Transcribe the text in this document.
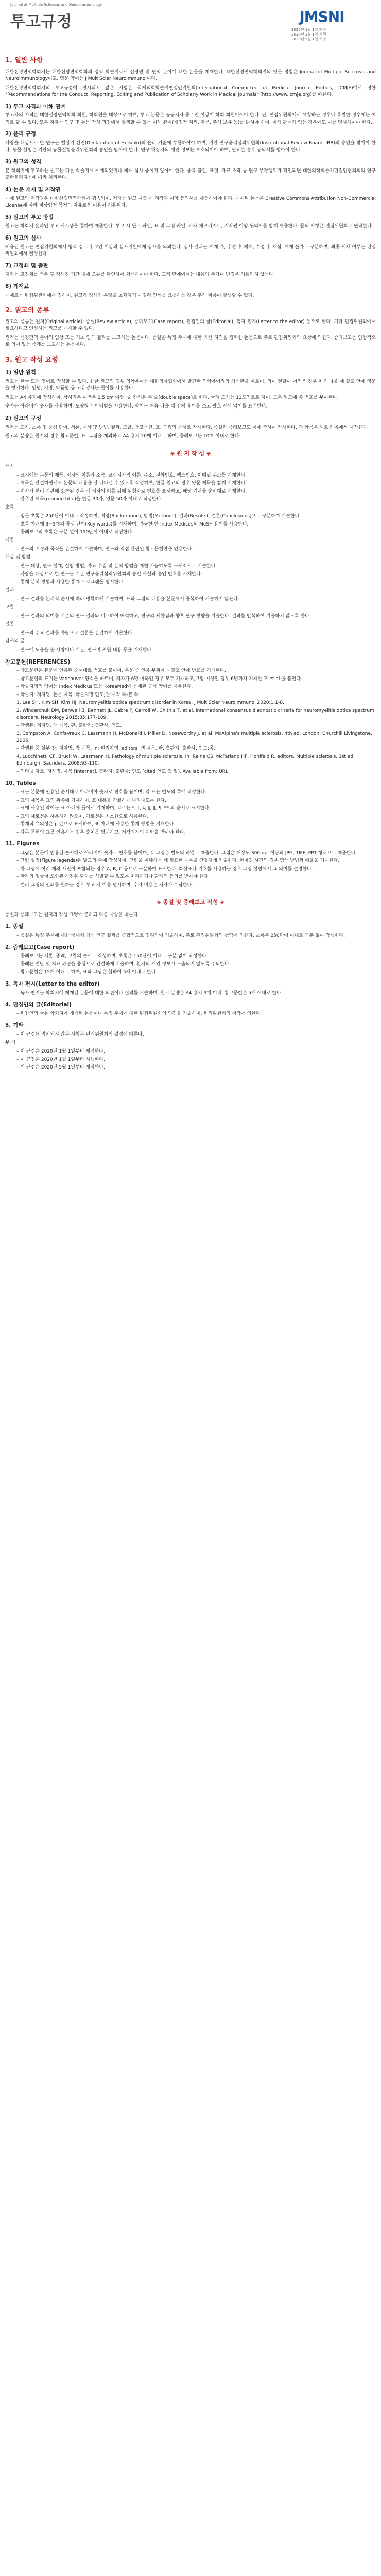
Journal of Multiple Sclerosis and Neuroimmunology
투고규정	JMSNI
2020년 1월 1일 제정
2020년 1월 1일 시행
2020년 5월 1일 개정
1. 일반 사항

대한신경면역학회지는 대한신경면역학회의 정식 학술지로서 신경면 및 면역 분야에 대한 논문을 게재한다. 대한신경면역학회지의 영문 명칭은 Journal of Multiple Sclerosis and Neuroimmunology이고, 영문 약어는 J Mult Scler Neuroimmunol이다.

대한신경면역학회지의 투고규정에 명시되지 않은 사항은 국제의학학술지편집인위원회(International Committee of Medical Journal Editors, ICMJE)에서 정한 "Recommendations for the Conduct, Reporting, Editing and Publication of Scholarly Work in Medical Journals" (http://www.icmje.org)를 따른다.

1) 투고 자격과 이해 관계

투고자의 자격은 대한신경면역학회 회원, 학회원을 대상으로 하며, 투고 논문은 공동저자 중 1인 이상이 학회 회원이어야 한다. 단, 편집위원회에서 요청하는 경우나 특별한 경우에는 예외로 할 수 있다. 모든 저자는 연구 및 논문 작성 과정에서 발생할 수 있는 이해 관계(재정적 지원, 자문, 주식 보유 등)를 밝혀야 하며, 이해 관계가 없는 경우에도 이를 명시하여야 한다.

2) 윤리 규정

사람을 대상으로 한 연구는 헬싱키 선언(Declaration of Helsinki)의 윤리 기준에 부합하여야 하며, 기관 연구윤리심의위원회(Institutional Review Board, IRB)의 승인을 받아야 한다. 동물 실험은 기관의 동물실험윤리위원회의 승인을 받아야 한다. 연구 대상자의 개인 정보는 보호되어야 하며, 필요한 경우 동의서를 받아야 한다.

3) 원고의 성격

본 학회지에 투고하는 원고는 다른 학술지에 게재되었거나 게재 심사 중이지 않아야 한다. 중복 출판, 표절, 자료 조작 등 연구 부정행위가 확인되면 대한의학학술지편집인협의회의 연구출판윤리지침에 따라 처리한다.

4) 논문 게재 및 저작권

게재 원고의 저작권은 대한신경면역학회에 귀속되며, 저자는 원고 제출 시 저작권 이양 동의서를 제출하여야 한다. 게재된 논문은 Creative Commons Attribution Non-Commercial License에 따라 비상업적 목적의 자유로운 이용이 허용된다.

5) 원고의 투고 방법

원고는 학회지 온라인 투고 시스템을 통하여 제출한다. 투고 시 원고 파일, 표 및 그림 파일, 저자 체크리스트, 저작권 이양 동의서를 함께 제출한다. 문의 사항은 편집위원회로 연락한다.

6) 원고의 심사

제출된 원고는 편집위원회에서 형식 검토 후 2인 이상의 심사위원에게 심사를 의뢰한다. 심사 결과는 게재 가, 수정 후 게재, 수정 후 재심, 게재 불가로 구분하며, 최종 게재 여부는 편집위원회에서 결정한다.

7) 교정쇄 및 출판

저자는 교정쇄를 받은 후 정해진 기간 내에 오류를 확인하여 회신하여야 한다. 교정 단계에서는 내용의 추가나 변경은 허용되지 않는다.

8) 게재료

게재료는 편집위원회에서 정하며, 원고가 정해진 분량을 초과하거나 컬러 인쇄를 요청하는 경우 추가 비용이 발생할 수 있다.

2. 원고의 종류

원고의 종류는 원저(Original article), 종설(Review article), 증례보고(Case report), 편집인의 글(Editorial), 독자 편지(Letter to the editor) 등으로 한다. 기타 편집위원회에서 필요하다고 인정하는 원고를 게재할 수 있다.

원저는 신경면역 분야의 임상 또는 기초 연구 결과를 보고하는 논문이다. 종설은 특정 주제에 대한 최신 지견을 정리한 논문으로 주로 편집위원회의 요청에 의한다. 증례보고는 임상적으로 의미 있는 증례를 보고하는 논문이다.

3. 원고 작성 요령
1) 일반 원칙

원고는 한글 또는 영어로 작성할 수 있다. 한글 원고의 경우 의학용어는 대한의사협회에서 발간한 의학용어집의 최신판을 따르며, 의미 전달이 어려운 경우 처음 나올 때 괄호 안에 영문을 병기한다. 인명, 지명, 약품명 등 고유명사는 원어를 사용한다.

원고는 A4 용지에 작성하며, 상하좌우 여백은 2.5 cm 이상, 줄 간격은 두 줄(double space)로 한다. 글자 크기는 11포인트로 하며, 모든 원고에 쪽 번호를 부여한다.

숫자는 아라비아 숫자를 사용하며, 도량형은 미터법을 사용한다. 약어는 처음 나올 때 전체 용어를 쓰고 괄호 안에 약어를 표기한다.

2) 원고의 구성

원저는 표지, 초록 및 중심 단어, 서론, 대상 및 방법, 결과, 고찰, 참고문헌, 표, 그림의 순서로 작성한다. 종설과 증례보고도 이에 준하여 작성한다. 각 항목은 새로운 쪽에서 시작한다.

원고의 분량은 원저의 경우 참고문헌, 표, 그림을 제외하고 A4 용지 20매 이내로 하며, 증례보고는 10매 이내로 한다.

◈ 원 저 작 성 ◈

표지

– 표지에는 논문의 제목, 저자의 이름과 소속, 교신저자의 이름, 주소, 전화번호, 팩스번호, 이메일 주소를 기재한다.

– 제목은 간결하면서도 논문의 내용을 잘 나타낼 수 있도록 작성하며, 한글 원고의 경우 영문 제목을 함께 기재한다.

– 저자가 여러 기관에 소속된 경우 각 저자의 이름 뒤에 위첨자로 번호를 표시하고, 해당 기관을 순서대로 기재한다.

– 간추린 제목(running title)을 한글 30자, 영문 50자 이내로 작성한다.

초록

– 영문 초록은 250단어 이내로 작성하며, 배경(Background), 방법(Methods), 결과(Results), 결론(Conclusions)으로 구분하여 기술한다.

– 초록 아래에 3~5개의 중심 단어(Key words)를 기재하며, 가능한 한 Index Medicus의 MeSH 용어를 사용한다.

– 증례보고의 초록은 구분 없이 150단어 이내로 작성한다.

서론

– 연구의 배경과 목적을 간결하게 기술하며, 연구와 직접 관련된 참고문헌만을 인용한다.

대상 및 방법

– 연구 대상, 연구 설계, 실험 방법, 자료 수집 및 분석 방법을 재현 가능하도록 구체적으로 기술한다.

– 사람을 대상으로 한 연구는 기관 연구윤리심의위원회의 승인 사실과 승인 번호를 기재한다.

– 통계 분석 방법과 사용한 통계 프로그램을 명시한다.

결과

– 연구 결과를 논리적 순서에 따라 명확하게 기술하며, 표와 그림의 내용을 본문에서 중복하여 기술하지 않는다.

고찰

– 연구 결과의 의미를 기존의 연구 결과와 비교하여 해석하고, 연구의 제한점과 향후 연구 방향을 기술한다. 결과를 반복하여 기술하지 않도록 한다.

결론

– 연구의 주요 결과를 바탕으로 결론을 간결하게 기술한다.

감사의 글

– 연구에 도움을 준 사람이나 기관, 연구비 지원 내용 등을 기재한다.

참고문헌(REFERENCES)

– 참고문헌은 본문에 인용된 순서대로 번호를 붙이며, 본문 중 인용 부위에 대괄호 안에 번호를 기재한다.

– 참고문헌의 표기는 Vancouver 양식을 따르며, 저자가 6명 이하인 경우 모두 기재하고, 7명 이상인 경우 6명까지 기재한 후 et al.을 붙인다.

– 학술지명의 약어는 Index Medicus 또는 KoreaMed에 등재된 공식 약어를 사용한다.

– 학술지: 저자명. 논문 제목. 학술지명 연도;권:시작 쪽-끝 쪽.

1. Lee SH, Kim SH, Kim HJ. Neuromyelitis optica spectrum disorder in Korea. J Mult Scler Neuroimmunol 2020;1:1-8.

2. Wingerchuk DM, Banwell B, Bennett JL, Cabre P, Carroll W, Chitnis T, et al. International consensus diagnostic criteria for neuromyelitis optica spectrum disorders. Neurology 2015;85:177-189.

– 단행본: 저자명. 책 제목. 판. 출판지: 출판사, 연도.

3. Compston A, Confavreux C, Lassmann H, McDonald I, Miller D, Noseworthy J, et al. McAlpine's multiple sclerosis. 4th ed. London: Churchill Livingstone, 2006.

– 단행본 중 일부 장: 저자명. 장 제목. In: 편집자명, editors. 책 제목. 판. 출판지: 출판사, 연도;쪽.

4. Lucchinetti CF, Bruck W, Lassmann H. Pathology of multiple sclerosis. In: Raine CS, McFarland HF, Hohlfeld R, editors. Multiple sclerosis. 1st ed. Edinburgh: Saunders, 2008;93-110.

– 인터넷 자료: 저자명. 제목 [Internet]. 출판지: 출판사; 연도 [cited 연도 월 일]. Available from: URL.

10. Tables

– 표는 본문에 인용된 순서대로 아라비아 숫자로 번호를 붙이며, 각 표는 별도의 쪽에 작성한다.

– 표의 제목은 표의 위쪽에 기재하며, 표 내용을 간결하게 나타내도록 한다.

– 표에 사용된 약어는 표 아래에 풀어서 기재하며, 각주는 *, †, ‡, §, ∥, ¶, ** 의 순서로 표시한다.

– 표의 세로선은 사용하지 않으며, 가로선은 최소한으로 사용한다.

– 통계적 유의성은 p 값으로 표시하며, 표 아래에 사용한 통계 방법을 기재한다.

– 다른 문헌의 표를 인용하는 경우 출처를 명시하고, 저작권자의 허락을 받아야 한다.

11. Figures

– 그림은 본문에 인용된 순서대로 아라비아 숫자로 번호를 붙이며, 각 그림은 별도의 파일로 제출한다. 그림은 해상도 300 dpi 이상의 JPG, TIFF, PPT 형식으로 제출한다.

– 그림 설명(Figure legends)은 별도의 쪽에 작성하며, 그림을 이해하는 데 필요한 내용을 간결하게 기술한다. 현미경 사진의 경우 염색 방법과 배율을 기재한다.

– 한 그림에 여러 개의 사진이 포함되는 경우 A, B, C 등으로 구분하여 표시한다. 화살표나 기호를 사용하는 경우 그림 설명에서 그 의미를 설명한다.

– 환자의 얼굴이 포함된 사진은 환자를 식별할 수 없도록 처리하거나 환자의 동의를 받아야 한다.

– 컬러 그림의 인쇄를 원하는 경우 투고 시 이를 명시하며, 추가 비용은 저자가 부담한다.

◈ 종설 및 증례보고 작성 ◈

종설과 증례보고는 원저의 작성 요령에 준하되 다음 사항을 따른다.

1. 종설

– 종설은 특정 주제에 대한 국내외 최신 연구 결과를 종합적으로 정리하여 기술하며, 주로 편집위원회의 청탁에 의한다. 초록은 250단어 이내로 구분 없이 작성한다.

2. 증례보고(Case report)

– 증례보고는 서론, 증례, 고찰의 순서로 작성하며, 초록은 150단어 이내로 구분 없이 작성한다.

– 증례는 진단 및 치료 과정을 중심으로 간결하게 기술하며, 환자의 개인 정보가 노출되지 않도록 주의한다.

– 참고문헌은 15개 이내로 하며, 표와 그림은 합하여 5개 이내로 한다.

3. 독자 편지(Letter to the editor)

– 독자 편지는 학회지에 게재된 논문에 대한 의견이나 질의를 기술하며, 원고 분량은 A4 용지 3매 이내, 참고문헌은 5개 이내로 한다.

4. 편집인의 글(Editorial)

– 편집인의 글은 학회지에 게재된 논문이나 특정 주제에 대한 편집위원회의 의견을 기술하며, 편집위원회의 청탁에 의한다.

5. 기타

– 이 규정에 명시되지 않은 사항은 편집위원회의 결정에 따른다.

부 칙

– 이 규정은 2020년 1월 1일부터 제정한다.

– 이 규정은 2020년 1월 1일부터 시행한다.

– 이 규정은 2020년 5월 1일부터 개정한다.
